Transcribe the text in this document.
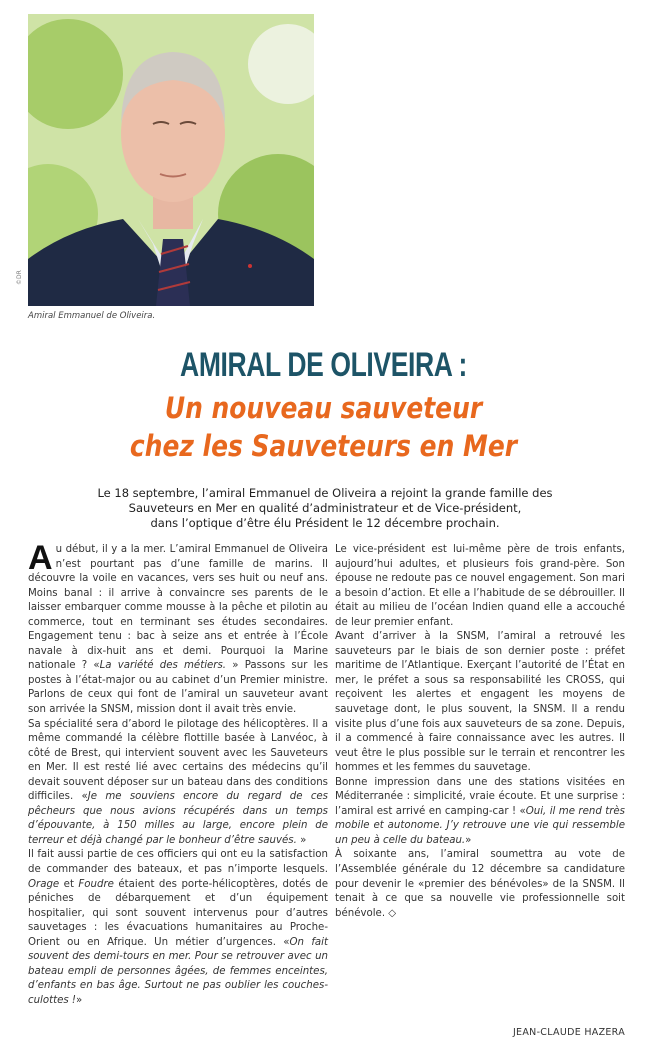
©DR
Amiral Emmanuel de Oliveira.
AMIRAL DE OLIVEIRA :
Un nouveau sauveteur
chez les Sauveteurs en Mer
Le 18 septembre, l’amiral Emmanuel de Oliveira a rejoint la grande famille des
Sauveteurs en Mer en qualité d’administrateur et de Vice-président,
dans l’optique d’être élu Président le 12 décembre prochain.

Au début, il y a la mer. L’amiral Emmanuel de Oliveira n’est pourtant pas d’une famille de marins. Il découvre la voile en vacances, vers ses huit ou neuf ans. Moins banal : il arrive à convaincre ses parents de le laisser embarquer comme mousse à la pêche et pilotin au commerce, tout en terminant ses études secondaires. Engagement tenu : bac à seize ans et entrée à l’École navale à dix-huit ans et demi. Pourquoi la Marine nationale ? «La variété des métiers. » Passons sur les postes à l’état-major ou au cabinet d’un Premier ministre. Parlons de ceux qui font de l’amiral un sauveteur avant son arrivée la SNSM, mission dont il avait très envie.

Sa spécialité sera d’abord le pilotage des hélicoptères. Il a même commandé la célèbre flottille basée à Lanvéoc, à côté de Brest, qui intervient souvent avec les Sauveteurs en Mer. Il est resté lié avec certains des médecins qu’il devait souvent déposer sur un bateau dans des conditions difficiles. «Je me souviens encore du regard de ces pêcheurs que nous avions récupérés dans un temps d’épouvante, à 150 milles au large, encore plein de terreur et déjà changé par le bonheur d’être sauvés. »

Il fait aussi partie de ces officiers qui ont eu la satisfaction de commander des bateaux, et pas n’importe lesquels. Orage et Foudre étaient des porte-hélicoptères, dotés de péniches de débarquement et d’un équipement hospitalier, qui sont souvent intervenus pour d’autres sauvetages : les évacuations humanitaires au Proche-Orient ou en Afrique. Un métier d’urgences. «On fait souvent des demi-tours en mer. Pour se retrouver avec un bateau empli de personnes âgées, de femmes enceintes, d’enfants en bas âge. Surtout ne pas oublier les couches-culottes !»

Le vice-président est lui-même père de trois enfants, aujourd’hui adultes, et plusieurs fois grand-père. Son épouse ne redoute pas ce nouvel engagement. Son mari a besoin d’action. Et elle a l’habitude de se débrouiller. Il était au milieu de l’océan Indien quand elle a accouché de leur premier enfant.

Avant d’arriver à la SNSM, l’amiral a retrouvé les sauveteurs par le biais de son dernier poste : préfet maritime de l’Atlantique. Exerçant l’autorité de l’État en mer, le préfet a sous sa responsabilité les CROSS, qui reçoivent les alertes et engagent les moyens de sauvetage dont, le plus souvent, la SNSM. Il a rendu visite plus d’une fois aux sauveteurs de sa zone. Depuis, il a commencé à faire connaissance avec les autres. Il veut être le plus possible sur le terrain et rencontrer les hommes et les femmes du sauvetage.

Bonne impression dans une des stations visitées en Méditerranée : simplicité, vraie écoute. Et une surprise : l’amiral est arrivé en camping-car ! «Oui, il me rend très mobile et autonome. J’y retrouve une vie qui ressemble un peu à celle du bateau.»

À soixante ans, l’amiral soumettra au vote de l’Assemblée générale du 12 décembre sa candidature pour devenir le «premier des bénévoles» de la SNSM. Il tenait à ce que sa nouvelle vie professionnelle soit bénévole. ◇

JEAN-CLAUDE HAZERA
